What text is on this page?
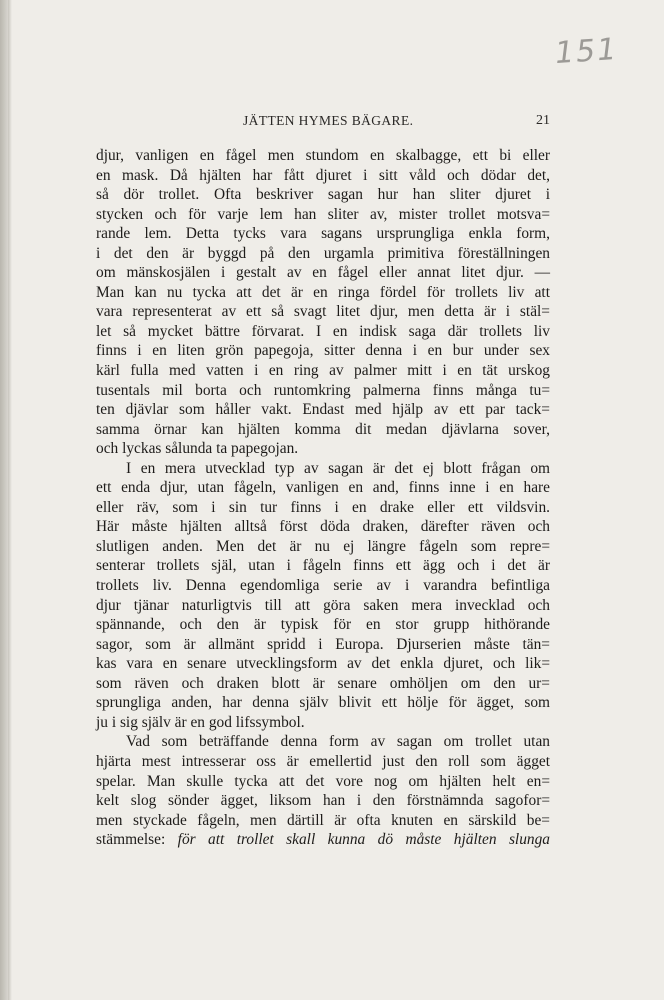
151
JÄTTEN HYMES BÄGARE.	21
djur, vanligen en fågel men stundom en skalbagge, ett bi eller
en mask. Då hjälten har fått djuret i sitt våld och dödar det,
så dör trollet. Ofta beskriver sagan hur han sliter djuret i
stycken och för varje lem han sliter av, mister trollet motsva=
rande lem. Detta tycks vara sagans ursprungliga enkla form,
i det den är byggd på den urgamla primitiva föreställningen
om mänskosjälen i gestalt av en fågel eller annat litet djur. —
Man kan nu tycka att det är en ringa fördel för trollets liv att
vara representerat av ett så svagt litet djur, men detta är i stäl=
let så mycket bättre förvarat. I en indisk saga där trollets liv
finns i en liten grön papegoja, sitter denna i en bur under sex
kärl fulla med vatten i en ring av palmer mitt i en tät urskog
tusentals mil borta och runtomkring palmerna finns många tu=
ten djävlar som håller vakt. Endast med hjälp av ett par tack=
samma örnar kan hjälten komma dit medan djävlarna sover,
och lyckas sålunda ta papegojan.
I en mera utvecklad typ av sagan är det ej blott frågan om
ett enda djur, utan fågeln, vanligen en and, finns inne i en hare
eller räv, som i sin tur finns i en drake eller ett vildsvin.
Här måste hjälten alltså först döda draken, därefter räven och
slutligen anden. Men det är nu ej längre fågeln som repre=
senterar trollets själ, utan i fågeln finns ett ägg och i det är
trollets liv. Denna egendomliga serie av i varandra befintliga
djur tjänar naturligtvis till att göra saken mera invecklad och
spännande, och den är typisk för en stor grupp hithörande
sagor, som är allmänt spridd i Europa. Djurserien måste tän=
kas vara en senare utvecklingsform av det enkla djuret, och lik=
som räven och draken blott är senare omhöljen om den ur=
sprungliga anden, har denna själv blivit ett hölje för ägget, som
ju i sig själv är en god lifssymbol.
Vad som beträffande denna form av sagan om trollet utan
hjärta mest intresserar oss är emellertid just den roll som ägget
spelar. Man skulle tycka att det vore nog om hjälten helt en=
kelt slog sönder ägget, liksom han i den förstnämnda sagofor=
men styckade fågeln, men därtill är ofta knuten en särskild be=
stämmelse: för att trollet skall kunna dö måste hjälten slunga
